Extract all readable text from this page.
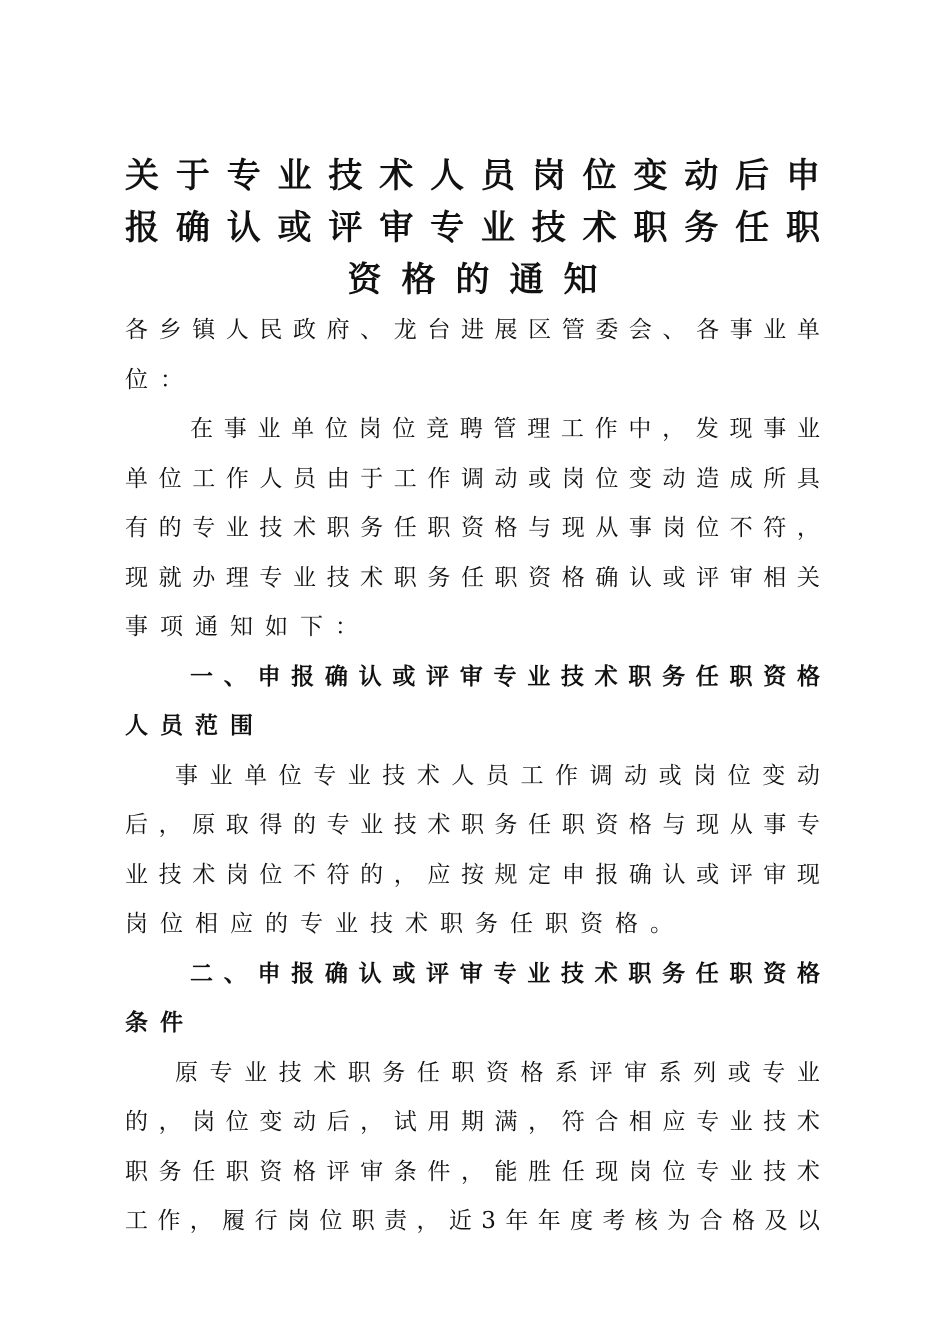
关 于 专 业 技 术 人 员 岗 位 变 动 后 申
报 确 认 或 评 审 专 业 技 术 职 务 任 职
资 格 的 通 知
各 乡 镇 人 民 政 府 、 龙 台 进 展 区 管 委 会 、 各 事 业 单
位 ：
在 事 业 单 位 岗 位 竞 聘 管 理 工 作 中 ， 发 现 事 业
单 位 工 作 人 员 由 于 工 作 调 动 或 岗 位 变 动 造 成 所 具
有 的 专 业 技 术 职 务 任 职 资 格 与 现 从 事 岗 位 不 符 ，
现 就 办 理 专 业 技 术 职 务 任 职 资 格 确 认 或 评 审 相 关
事 项 通 知 如 下 ：
一 、 申 报 确 认 或 评 审 专 业 技 术 职 务 任 职 资 格
人 员 范 围
事 业 单 位 专 业 技 术 人 员 工 作 调 动 或 岗 位 变 动
后 ， 原 取 得 的 专 业 技 术 职 务 任 职 资 格 与 现 从 事 专
业 技 术 岗 位 不 符 的 ， 应 按 规 定 申 报 确 认 或 评 审 现
岗 位 相 应 的 专 业 技 术 职 务 任 职 资 格 。
二 、 申 报 确 认 或 评 审 专 业 技 术 职 务 任 职 资 格
条 件
原 专 业 技 术 职 务 任 职 资 格 系 评 审 系 列 或 专 业
的 ， 岗 位 变 动 后 ， 试 用 期 满 ， 符 合 相 应 专 业 技 术
职 务 任 职 资 格 评 审 条 件 ， 能 胜 任 现 岗 位 专 业 技 术
工 作 ， 履 行 岗 位 职 责 ， 近 3 年 年 度 考 核 为 合 格 及 以
